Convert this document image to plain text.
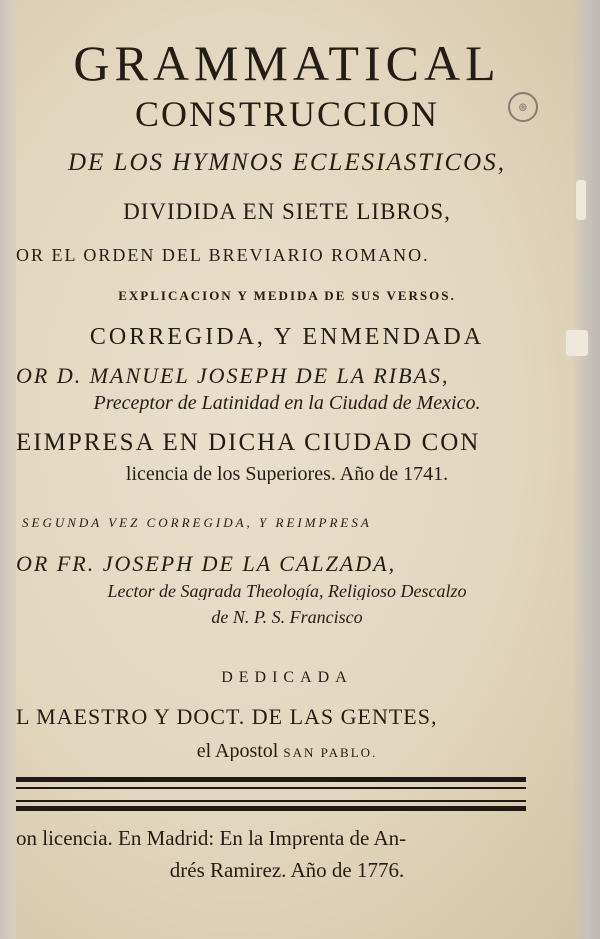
⊛
GRAMMATICAL
CONSTRUCCION
DE LOS HYMNOS ECLESIASTICOS,
DIVIDIDA EN SIETE LIBROS,
OR EL ORDEN DEL BREVIARIO ROMANO.
EXPLICACION Y MEDIDA DE SUS VERSOS.
CORREGIDA, Y ENMENDADA
OR D. MANUEL JOSEPH DE LA RIBAS,
Preceptor de Latinidad en la Ciudad de Mexico.
EIMPRESA EN DICHA CIUDAD CON
licencia de los Superiores. Año de 1741.
SEGUNDA VEZ CORREGIDA, Y REIMPRESA
OR FR. JOSEPH DE LA CALZADA,
Lector de Sagrada Theología, Religioso Descalzo
de N. P. S. Francisco
DEDICADA
L MAESTRO Y DOCT. DE LAS GENTES,
el Apostol SAN PABLO.
on licencia. En Madrid: En la Imprenta de An-
drés Ramirez. Año de 1776.
